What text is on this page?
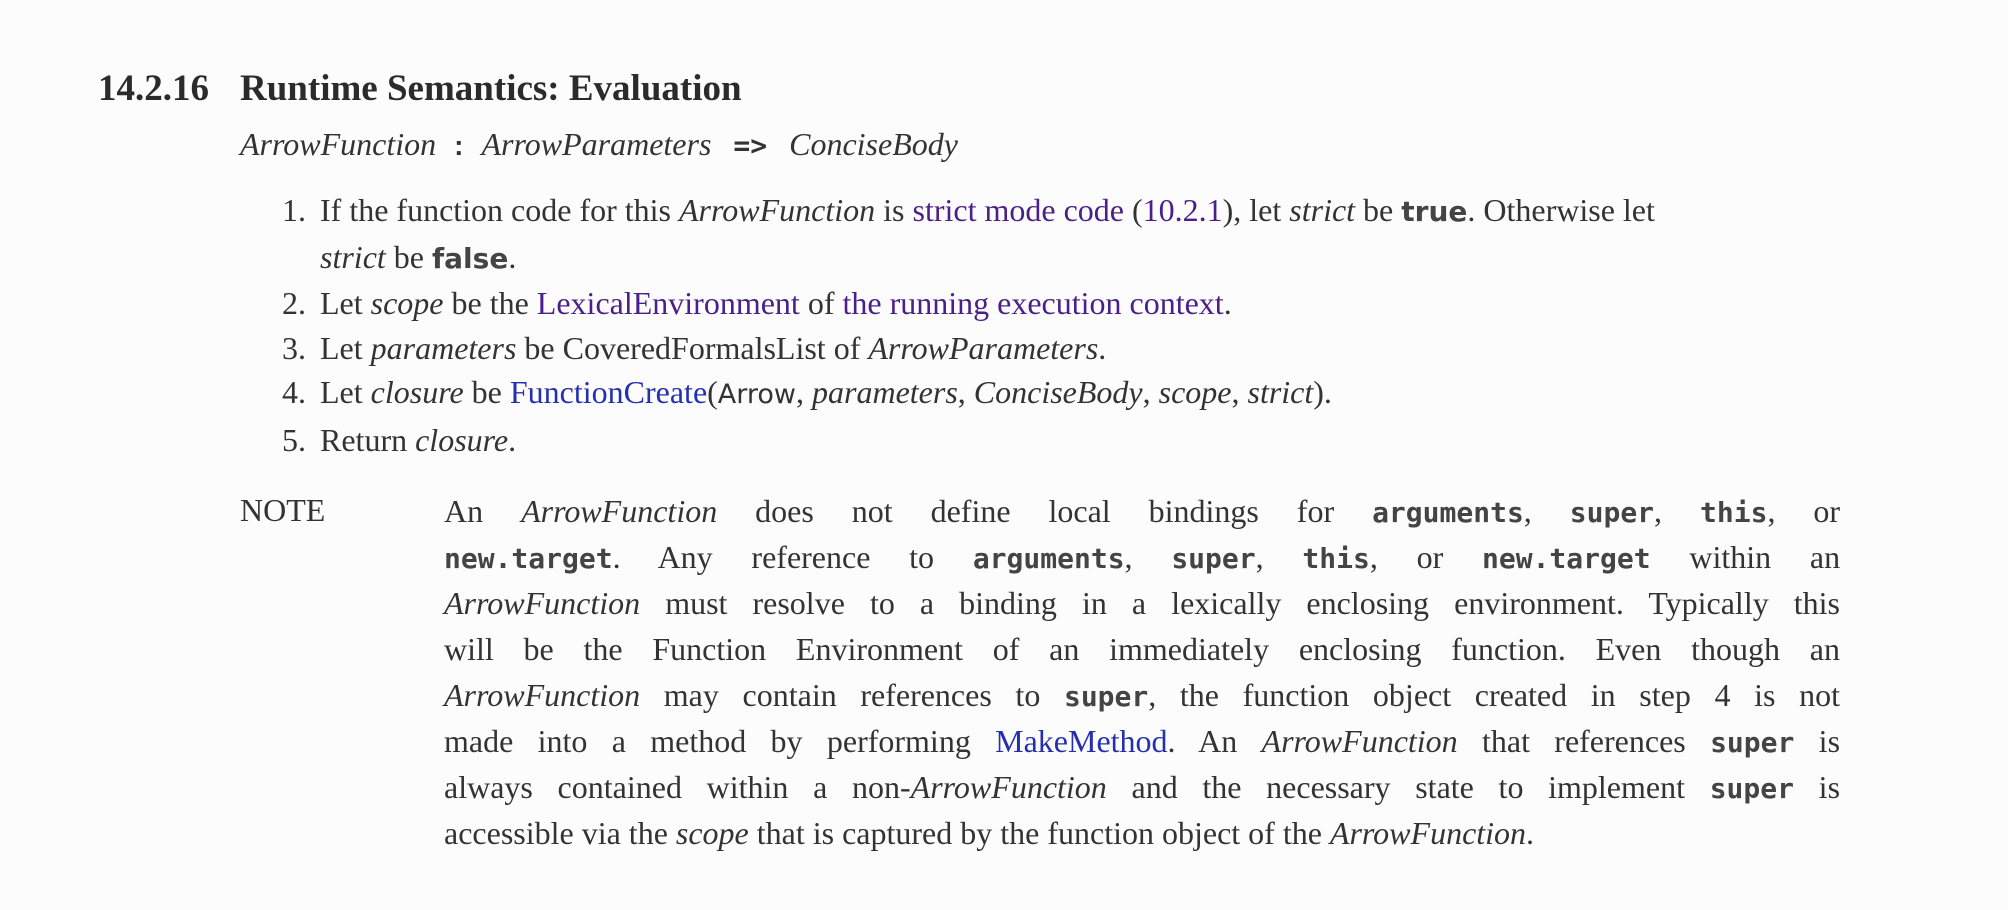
14.2.16 Runtime Semantics: Evaluation
ArrowFunction : ArrowParameters => ConciseBody
1. If the function code for this ArrowFunction is strict mode code (10.2.1), let strict be true. Otherwise let
strict be false.
2. Let scope be the LexicalEnvironment of the running execution context.
3. Let parameters be CoveredFormalsList of ArrowParameters.
4. Let closure be FunctionCreate(Arrow, parameters, ConciseBody, scope, strict).
5. Return closure.
NOTE	An ArrowFunction does not define local bindings for arguments, super, this, or
new.target. Any reference to arguments, super, this, or new.target within an
ArrowFunction must resolve to a binding in a lexically enclosing environment. Typically this
will be the Function Environment of an immediately enclosing function. Even though an
ArrowFunction may contain references to super, the function object created in step 4 is not
made into a method by performing MakeMethod. An ArrowFunction that references super is
always contained within a non-ArrowFunction and the necessary state to implement super is
accessible via the scope that is captured by the function object of the ArrowFunction.
